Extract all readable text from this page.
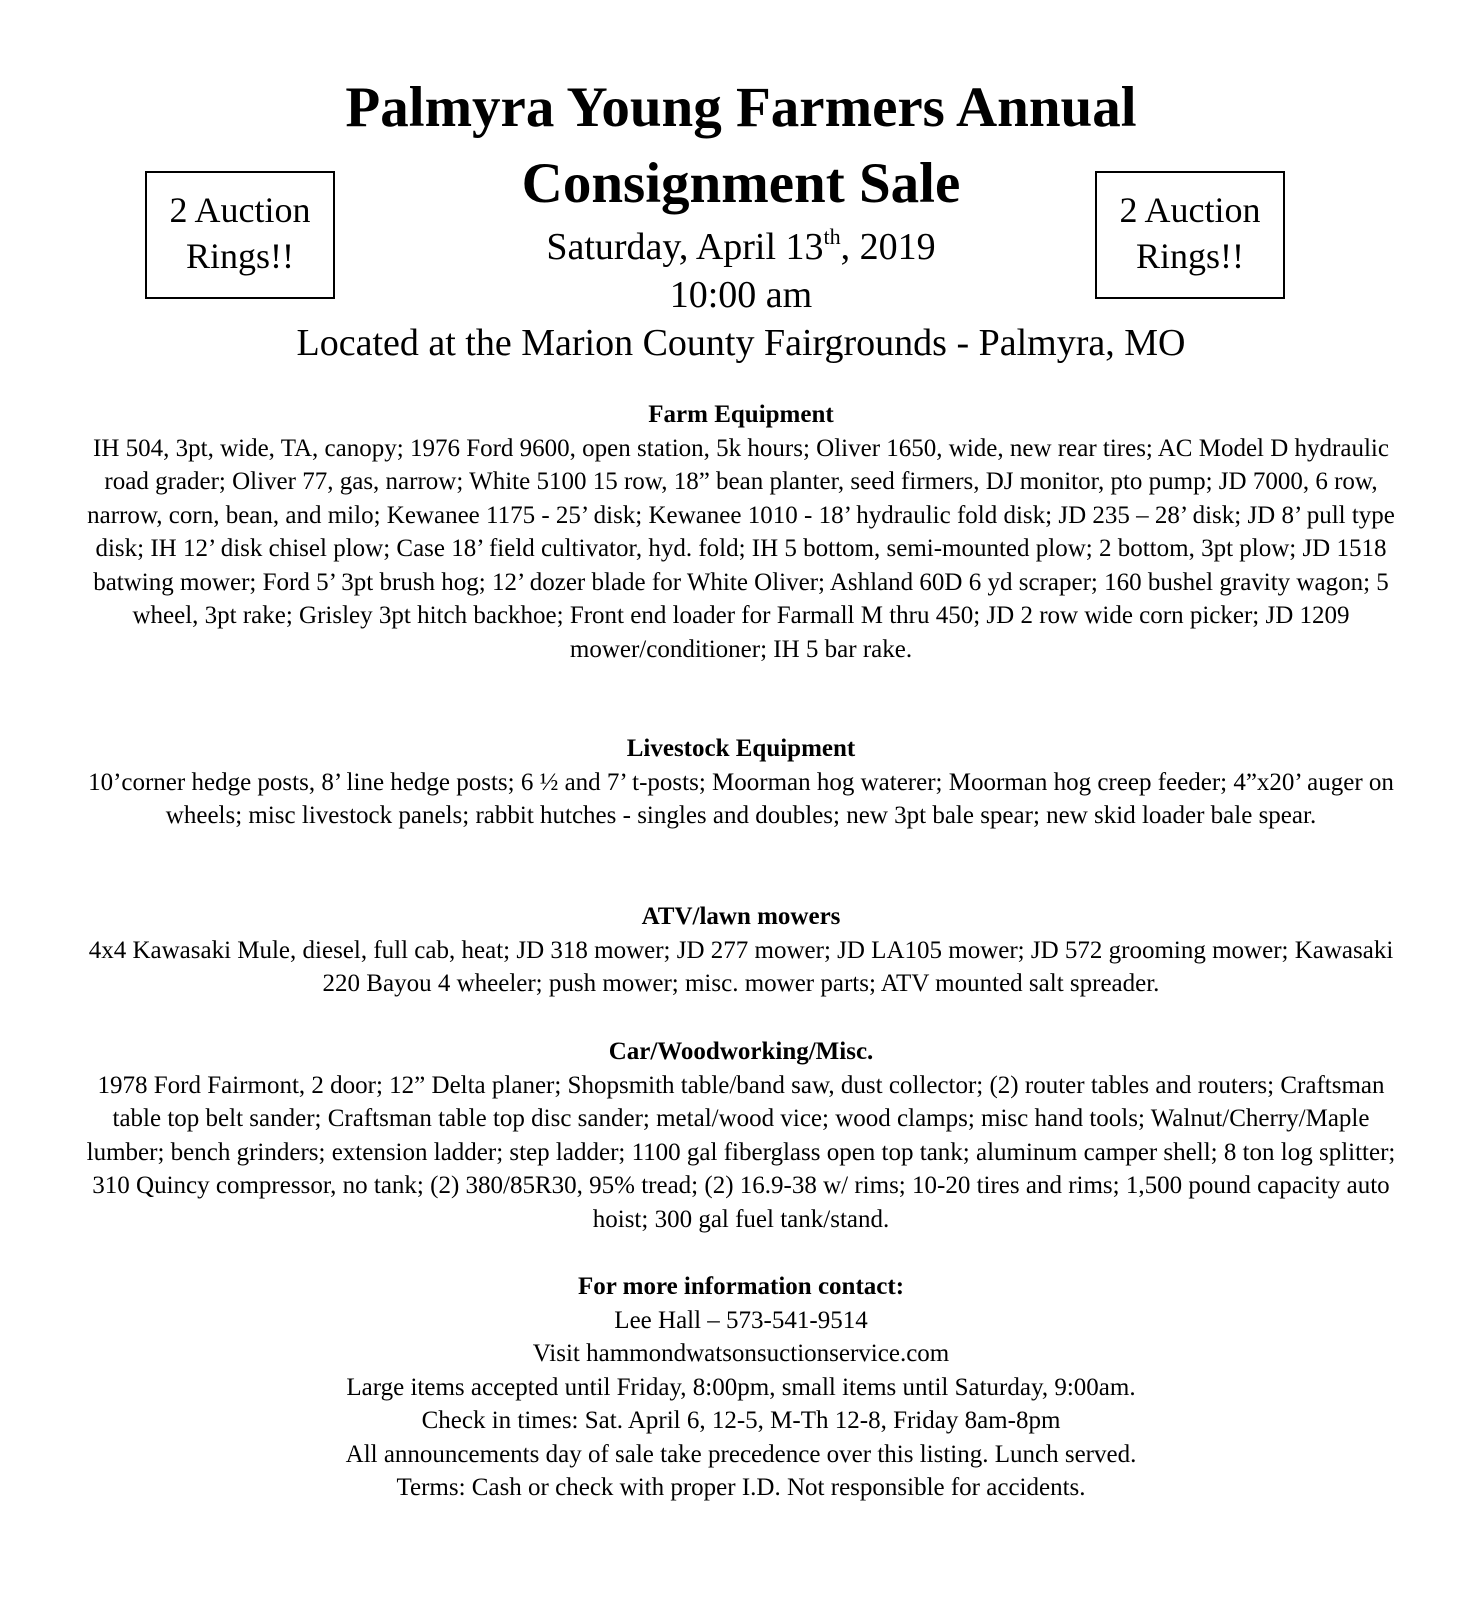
Palmyra Young Farmers Annual
Consignment Sale
2 Auction
Rings!!
2 Auction
Rings!!
Saturday, April 13th, 2019
10:00 am
Located at the Marion County Fairgrounds - Palmyra, MO
Farm Equipment
IH 504, 3pt, wide, TA, canopy; 1976 Ford 9600, open station, 5k hours; Oliver 1650, wide, new rear tires; AC Model D hydraulic road grader; Oliver 77, gas, narrow; White 5100 15 row, 18” bean planter, seed firmers, DJ monitor, pto pump; JD 7000, 6 row, narrow, corn, bean, and milo; Kewanee 1175 - 25’ disk; Kewanee 1010 - 18’ hydraulic fold disk; JD 235 – 28’ disk; JD 8’ pull type disk; IH 12’ disk chisel plow; Case 18’ field cultivator, hyd. fold; IH 5 bottom, semi-mounted plow; 2 bottom, 3pt plow; JD 1518 batwing mower; Ford 5’ 3pt brush hog; 12’ dozer blade for White Oliver; Ashland 60D 6 yd scraper; 160 bushel gravity wagon; 5 wheel, 3pt rake; Grisley 3pt hitch backhoe; Front end loader for Farmall M thru 450; JD 2 row wide corn picker; JD 1209 mower/conditioner; IH 5 bar rake.
Livestock Equipment
10’corner hedge posts, 8’ line hedge posts; 6 ½ and 7’ t-posts; Moorman hog waterer; Moorman hog creep feeder; 4”x20’ auger on wheels; misc livestock panels; rabbit hutches - singles and doubles; new 3pt bale spear; new skid loader bale spear.
ATV/lawn mowers
4x4 Kawasaki Mule, diesel, full cab, heat; JD 318 mower; JD 277 mower; JD LA105 mower; JD 572 grooming mower; Kawasaki 220 Bayou 4 wheeler; push mower; misc. mower parts; ATV mounted salt spreader.
Car/Woodworking/Misc.
1978 Ford Fairmont, 2 door; 12” Delta planer; Shopsmith table/band saw, dust collector; (2) router tables and routers; Craftsman table top belt sander; Craftsman table top disc sander; metal/wood vice; wood clamps; misc hand tools; Walnut/Cherry/Maple lumber; bench grinders; extension ladder; step ladder; 1100 gal fiberglass open top tank; aluminum camper shell; 8 ton log splitter; 310 Quincy compressor, no tank; (2) 380/85R30, 95% tread; (2) 16.9-38 w/ rims; 10-20 tires and rims; 1,500 pound capacity auto hoist; 300 gal fuel tank/stand.
For more information contact:
Lee Hall – 573-541-9514
Visit hammondwatsonsuctionservice.com
Large items accepted until Friday, 8:00pm, small items until Saturday, 9:00am.
Check in times: Sat. April 6, 12-5, M-Th 12-8, Friday 8am-8pm
All announcements day of sale take precedence over this listing. Lunch served.
Terms: Cash or check with proper I.D. Not responsible for accidents.
